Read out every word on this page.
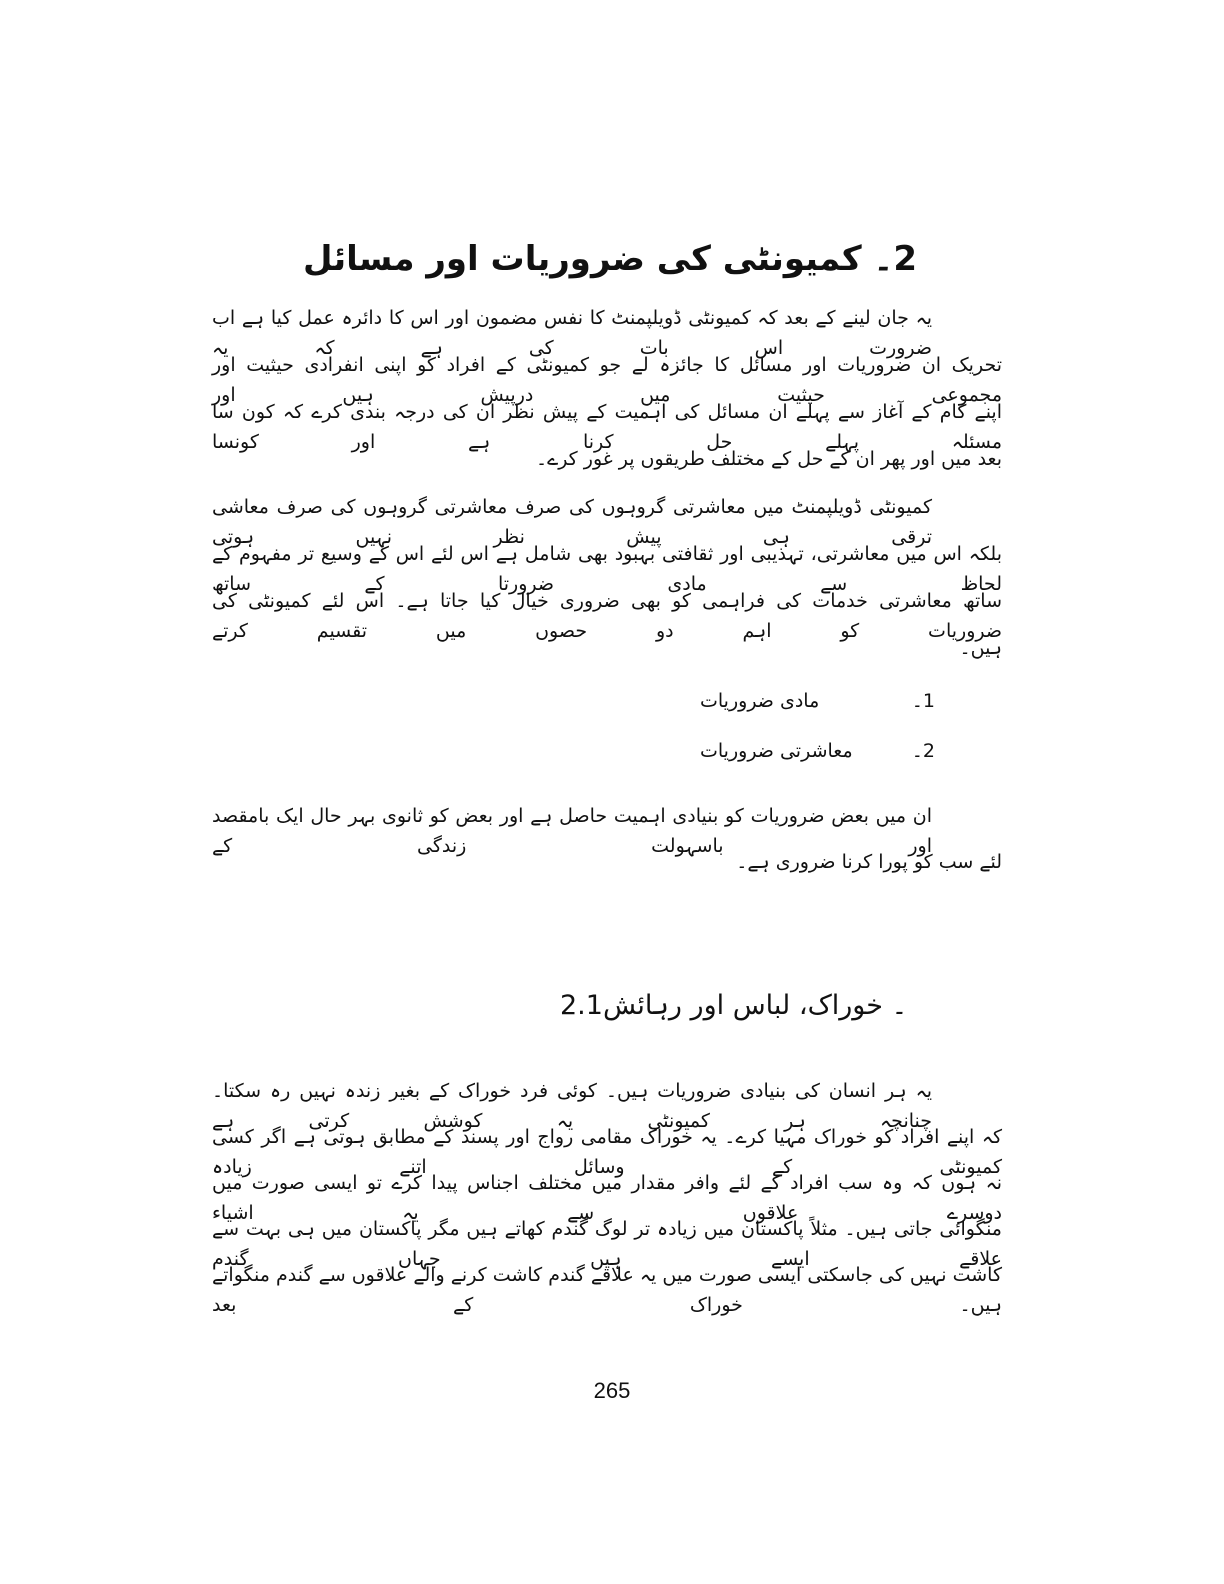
2۔ کمیونٹی کی ضروریات اور مسائل
یہ جان لینے کے بعد کہ کمیونٹی ڈویلپمنٹ کا نفس مضمون اور اس کا دائرہ عمل کیا ہے اب ضرورت اس بات کی ہے کہ یہ
تحریک ان ضروریات اور مسائل کا جائزہ لے جو کمیونٹی کے افراد کو اپنی انفرادی حیثیت اور مجموعی حیثیت میں درپیش ہیں اور
اپنے کام کے آغاز سے پہلے ان مسائل کی اہمیت کے پیش نظر ان کی درجہ بندی کرے کہ کون سا مسئلہ پہلے حل کرنا ہے اور کونسا
بعد میں اور پھر ان کے حل کے مختلف طریقوں پر غور کرے۔
کمیونٹی ڈویلپمنٹ میں معاشرتی گروہوں کی صرف معاشرتی گروہوں کی صرف معاشی ترقی ہی پیش نظر نہیں ہوتی
بلکہ اس میں معاشرتی، تہذیبی اور ثقافتی بہبود بھی شامل ہے اس لئے اس کے وسیع تر مفہوم کے لحاظ سے مادی ضرورتا کے ساتھ
ساتھ معاشرتی خدمات کی فراہمی کو بھی ضروری خیال کیا جاتا ہے۔ اس لئے کمیونٹی کی ضروریات کو اہم دو حصوں میں تقسیم کرتے
ہیں۔
1۔
مادی ضروریات
2۔
معاشرتی ضروریات
ان میں بعض ضروریات کو بنیادی اہمیت حاصل ہے اور بعض کو ثانوی بہر حال ایک بامقصد اور باسہولت زندگی کے
لئے سب کو پورا کرنا ضروری ہے۔
2.1۔ خوراک، لباس اور رہائش
یہ ہر انسان کی بنیادی ضروریات ہیں۔ کوئی فرد خوراک کے بغیر زندہ نہیں رہ سکتا۔ چنانچہ ہر کمیونٹی یہ کوشش کرتی ہے
کہ اپنے افراد کو خوراک مہیا کرے۔ یہ خوراک مقامی رواج اور پسند کے مطابق ہوتی ہے اگر کسی کمیونٹی کے وسائل اتنے زیادہ
نہ ہوں کہ وہ سب افراد کے لئے وافر مقدار میں مختلف اجناس پیدا کرے تو ایسی صورت میں دوسرے علاقوں سے یہ اشیاء
منگوائی جاتی ہیں۔ مثلاً پاکستان میں زیادہ تر لوگ گندم کھاتے ہیں مگر پاکستان میں ہی بہت سے علاقے ایسے ہیں جہاں گندم
کاشت نہیں کی جاسکتی ایسی صورت میں یہ علاقے گندم کاشت کرنے والے علاقوں سے گندم منگواتے ہیں۔ خوراک کے بعد
265
